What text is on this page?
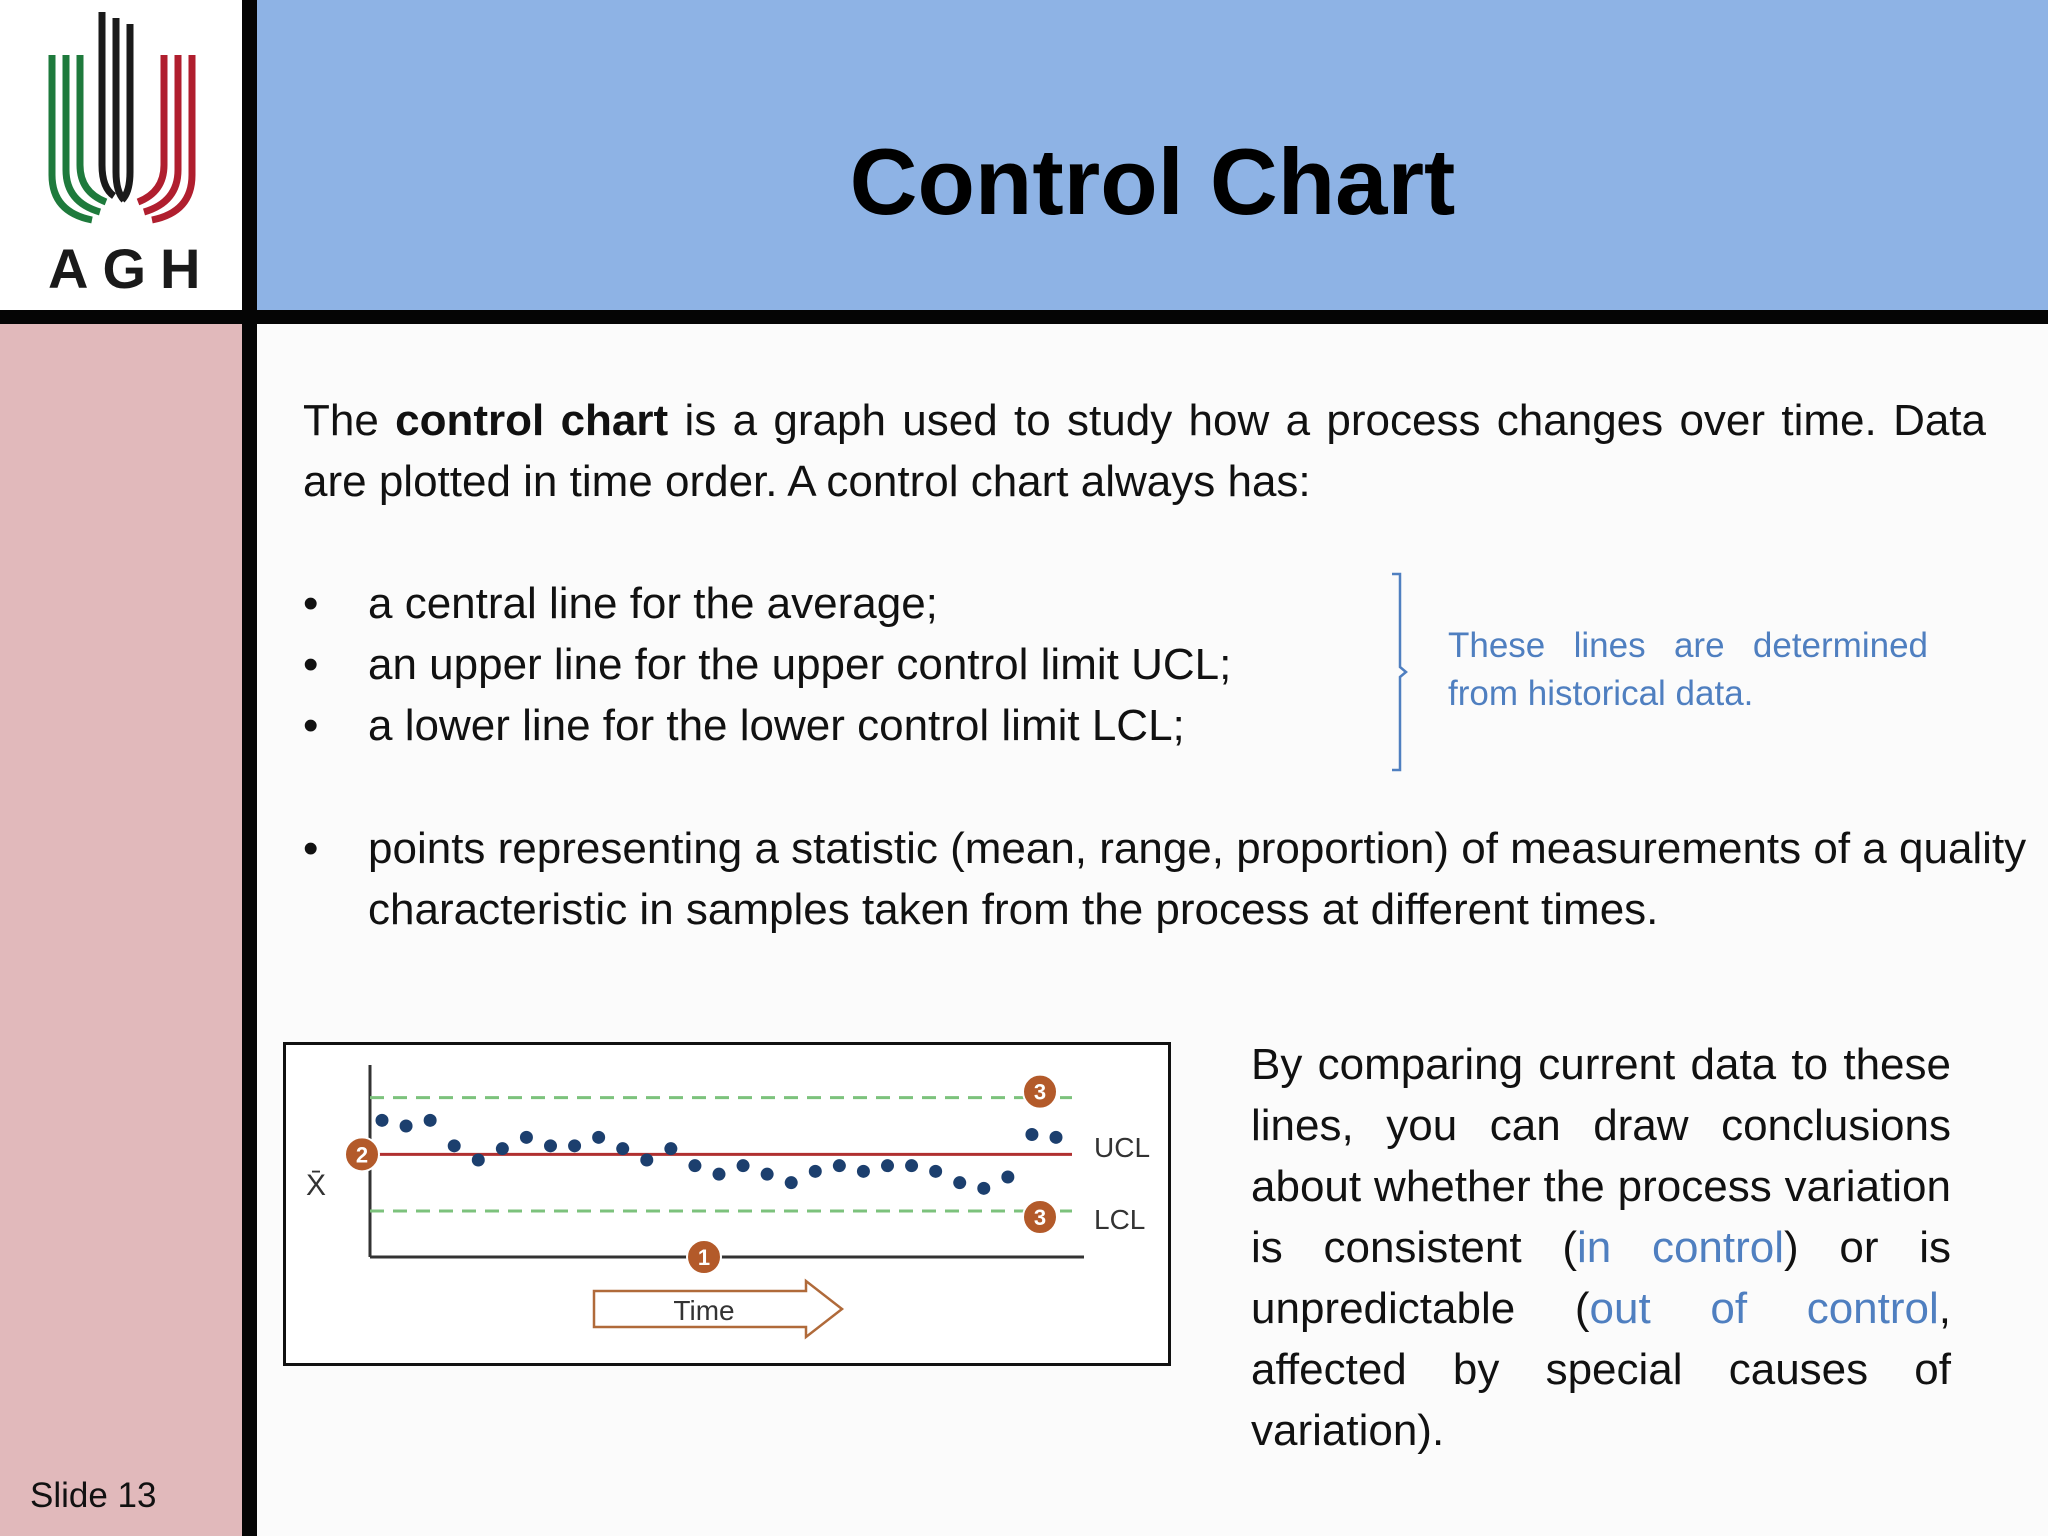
AGH
Control Chart
The control chart is a graph used to study how a process changes over time. Data are plotted in time order. A control chart always has:
• a central line for the average;
• an upper line for the upper control limit UCL;
• a lower line for the lower control limit LCL;
These lines are determined from historical data.
• points representing a statistic (mean, range, proportion) of measurements of a quality characteristic in samples taken from the process at different times.
Time
UCL
LCL
X̄
2
1
3
3
By comparing current data to these lines, you can draw conclusions about whether the process variation is consistent (in control) or is unpredictable (out of control, affected by special causes of variation).
Slide 13
